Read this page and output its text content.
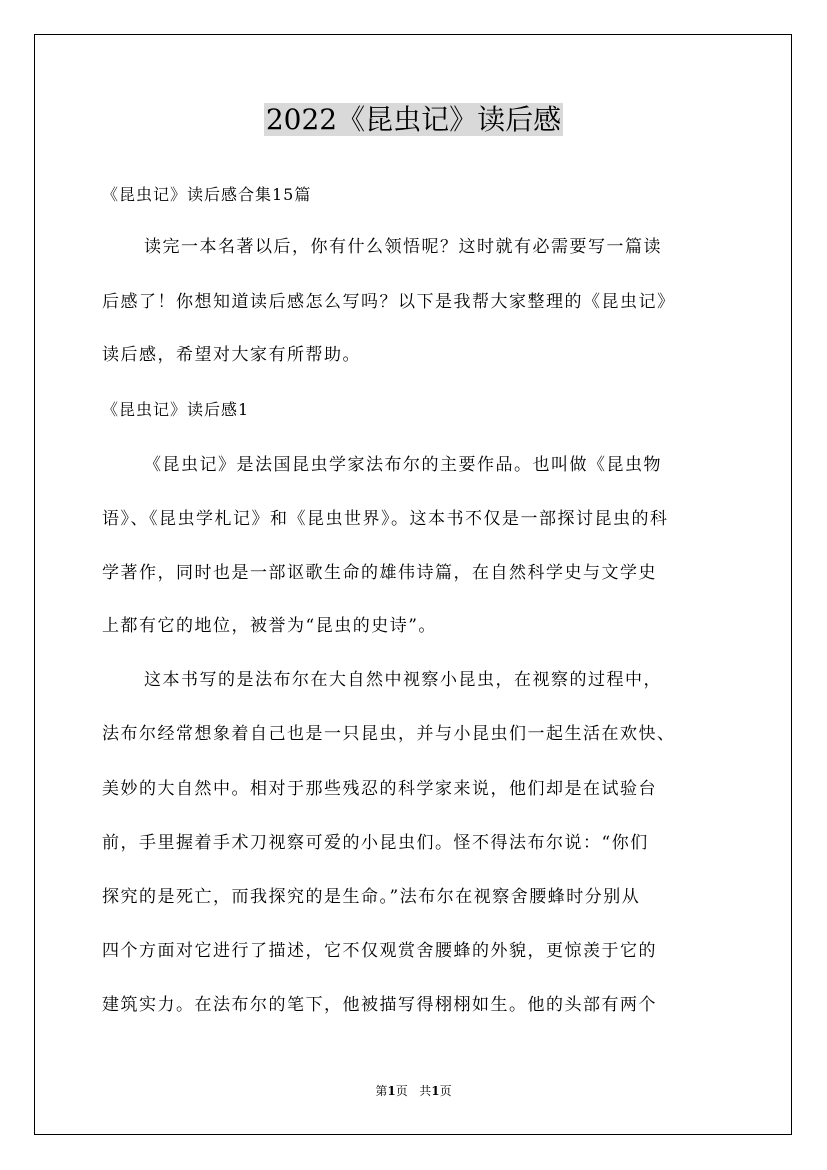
2022《昆虫记》读后感
《昆虫记》读后感合集15篇
读完一本名著以后，你有什么领悟呢？这时就有必需要写一篇读
后感了！你想知道读后感怎么写吗？以下是我帮大家整理的《昆虫记》
读后感，希望对大家有所帮助。
《昆虫记》读后感1
《昆虫记》是法国昆虫学家法布尔的主要作品。也叫做《昆虫物
语》、《昆虫学札记》和《昆虫世界》。这本书不仅是一部探讨昆虫的科
学著作，同时也是一部讴歌生命的雄伟诗篇，在自然科学史与文学史
上都有它的地位，被誉为“昆虫的史诗”。
这本书写的是法布尔在大自然中视察小昆虫，在视察的过程中，
法布尔经常想象着自己也是一只昆虫，并与小昆虫们一起生活在欢快、
美妙的大自然中。相对于那些残忍的科学家来说，他们却是在试验台
前，手里握着手术刀视察可爱的小昆虫们。怪不得法布尔说：“你们
探究的是死亡，而我探究的是生命。”法布尔在视察舍腰蜂时分别从
四个方面对它进行了描述，它不仅观赏舍腰蜂的外貌，更惊羡于它的
建筑实力。在法布尔的笔下，他被描写得栩栩如生。他的头部有两个
第1页 共1页
